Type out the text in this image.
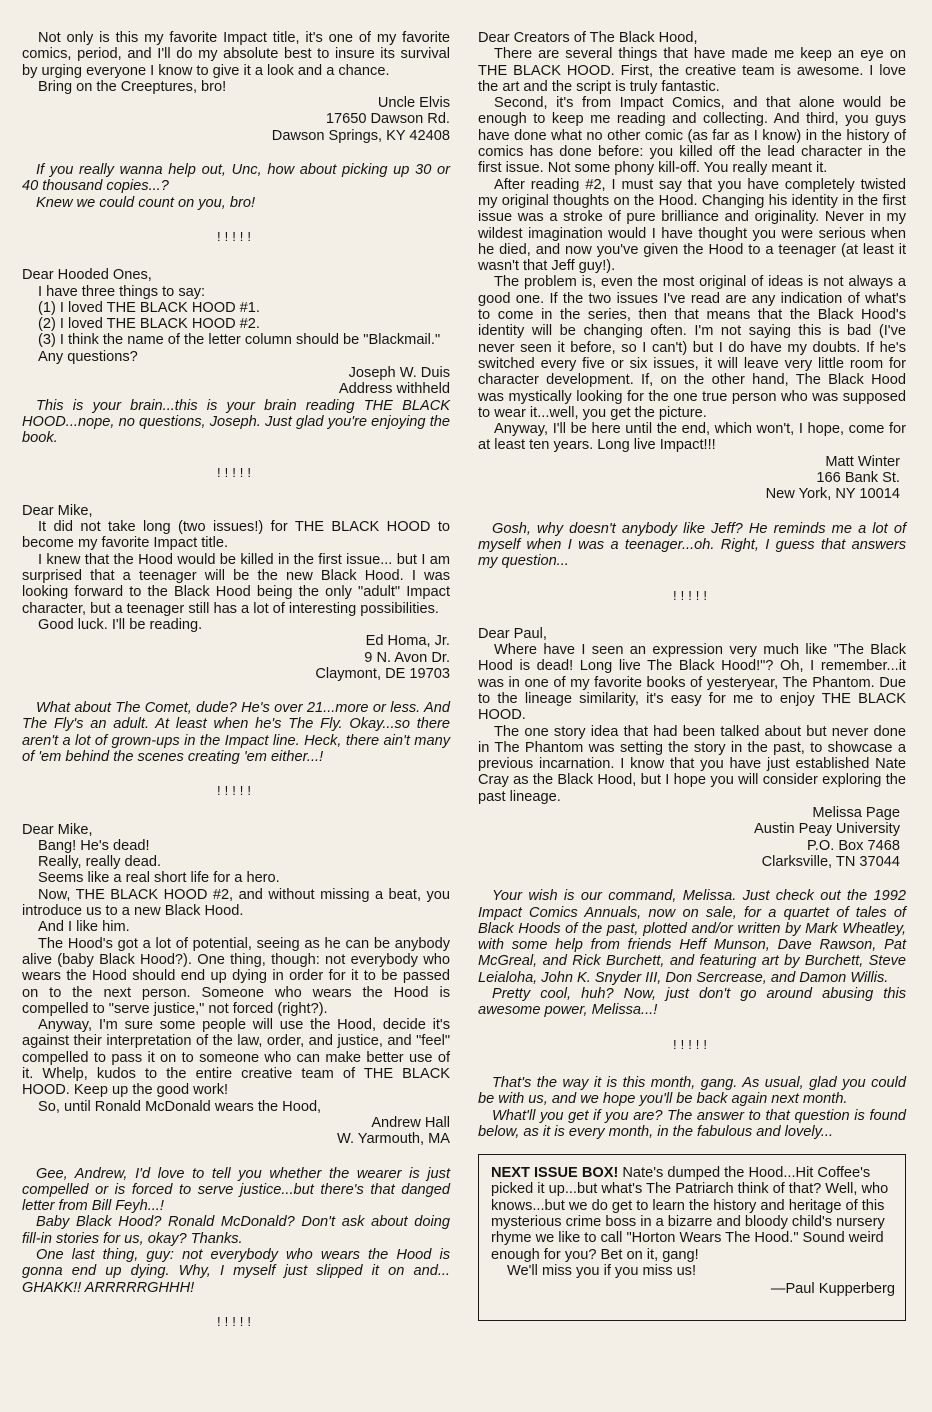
Not only is this my favorite Impact title, it's one of my favorite comics, period, and I'll do my absolute best to insure its survival by urging everyone I know to give it a look and a chance.

Bring on the Creeptures, bro!

Uncle Elvis

17650 Dawson Rd.

Dawson Springs, KY 42408

If you really wanna help out, Unc, how about picking up 30 or 40 thousand copies...?

Knew we could count on you, bro!

!!!!!

Dear Hooded Ones,

I have three things to say:

(1) I loved THE BLACK HOOD #1.

(2) I loved THE BLACK HOOD #2.

(3) I think the name of the letter column should be "Blackmail."

Any questions?

Joseph W. Duis

Address withheld

This is your brain...this is your brain reading THE BLACK HOOD...nope, no questions, Joseph. Just glad you're enjoying the book.

!!!!!

Dear Mike,

It did not take long (two issues!) for THE BLACK HOOD to become my favorite Impact title.

I knew that the Hood would be killed in the first issue... but I am surprised that a teenager will be the new Black Hood. I was looking forward to the Black Hood being the only "adult" Impact character, but a teenager still has a lot of interesting possibilities.

Good luck. I'll be reading.

Ed Homa, Jr.

9 N. Avon Dr.

Claymont, DE 19703

What about The Comet, dude? He's over 21...more or less. And The Fly's an adult. At least when he's The Fly. Okay...so there aren't a lot of grown-ups in the Impact line. Heck, there ain't many of 'em behind the scenes creating 'em either...!

!!!!!

Dear Mike,

Bang! He's dead!

Really, really dead.

Seems like a real short life for a hero.

Now, THE BLACK HOOD #2, and without missing a beat, you introduce us to a new Black Hood.

And I like him.

The Hood's got a lot of potential, seeing as he can be anybody alive (baby Black Hood?). One thing, though: not everybody who wears the Hood should end up dying in order for it to be passed on to the next person. Someone who wears the Hood is compelled to "serve justice," not forced (right?).

Anyway, I'm sure some people will use the Hood, decide it's against their interpretation of the law, order, and justice, and "feel" compelled to pass it on to someone who can make better use of it. Whelp, kudos to the entire creative team of THE BLACK HOOD. Keep up the good work!

So, until Ronald McDonald wears the Hood,

Andrew Hall

W. Yarmouth, MA

Gee, Andrew, I'd love to tell you whether the wearer is just compelled or is forced to serve justice...but there's that danged letter from Bill Feyh...!

Baby Black Hood? Ronald McDonald? Don't ask about doing fill-in stories for us, okay? Thanks.

One last thing, guy: not everybody who wears the Hood is gonna end up dying. Why, I myself just slipped it on and... GHAKK!! ARRRRRGHHH!

!!!!!

Dear Creators of The Black Hood,

There are several things that have made me keep an eye on THE BLACK HOOD. First, the creative team is awesome. I love the art and the script is truly fantastic.

Second, it's from Impact Comics, and that alone would be enough to keep me reading and collecting. And third, you guys have done what no other comic (as far as I know) in the history of comics has done before: you killed off the lead character in the first issue. Not some phony kill-off. You really meant it.

After reading #2, I must say that you have completely twisted my original thoughts on the Hood. Changing his identity in the first issue was a stroke of pure brilliance and originality. Never in my wildest imagination would I have thought you were serious when he died, and now you've given the Hood to a teenager (at least it wasn't that Jeff guy!).

The problem is, even the most original of ideas is not always a good one. If the two issues I've read are any indication of what's to come in the series, then that means that the Black Hood's identity will be changing often. I'm not saying this is bad (I've never seen it before, so I can't) but I do have my doubts. If he's switched every five or six issues, it will leave very little room for character development. If, on the other hand, The Black Hood was mystically looking for the one true person who was supposed to wear it...well, you get the picture.

Anyway, I'll be here until the end, which won't, I hope, come for at least ten years. Long live Impact!!!

Matt Winter

166 Bank St.

New York, NY 10014

Gosh, why doesn't anybody like Jeff? He reminds me a lot of myself when I was a teenager...oh. Right, I guess that answers my question...

!!!!!

Dear Paul,

Where have I seen an expression very much like "The Black Hood is dead! Long live The Black Hood!"? Oh, I remember...it was in one of my favorite books of yesteryear, The Phantom. Due to the lineage similarity, it's easy for me to enjoy THE BLACK HOOD.

The one story idea that had been talked about but never done in The Phantom was setting the story in the past, to showcase a previous incarnation. I know that you have just established Nate Cray as the Black Hood, but I hope you will consider exploring the past lineage.

Melissa Page

Austin Peay University

P.O. Box 7468

Clarksville, TN 37044

Your wish is our command, Melissa. Just check out the 1992 Impact Comics Annuals, now on sale, for a quartet of tales of Black Hoods of the past, plotted and/or written by Mark Wheatley, with some help from friends Heff Munson, Dave Rawson, Pat McGreal, and Rick Burchett, and featuring art by Burchett, Steve Leialoha, John K. Snyder III, Don Sercrease, and Damon Willis.

Pretty cool, huh? Now, just don't go around abusing this awesome power, Melissa...!

!!!!!

That's the way it is this month, gang. As usual, glad you could be with us, and we hope you'll be back again next month.

What'll you get if you are? The answer to that question is found below, as it is every month, in the fabulous and lovely...

NEXT ISSUE BOX! Nate's dumped the Hood...Hit Coffee's picked it up...but what's The Patriarch think of that? Well, who knows...but we do get to learn the history and heritage of this mysterious crime boss in a bizarre and bloody child's nursery rhyme we like to call "Horton Wears The Hood." Sound weird enough for you? Bet on it, gang!

We'll miss you if you miss us!

—Paul Kupperberg
